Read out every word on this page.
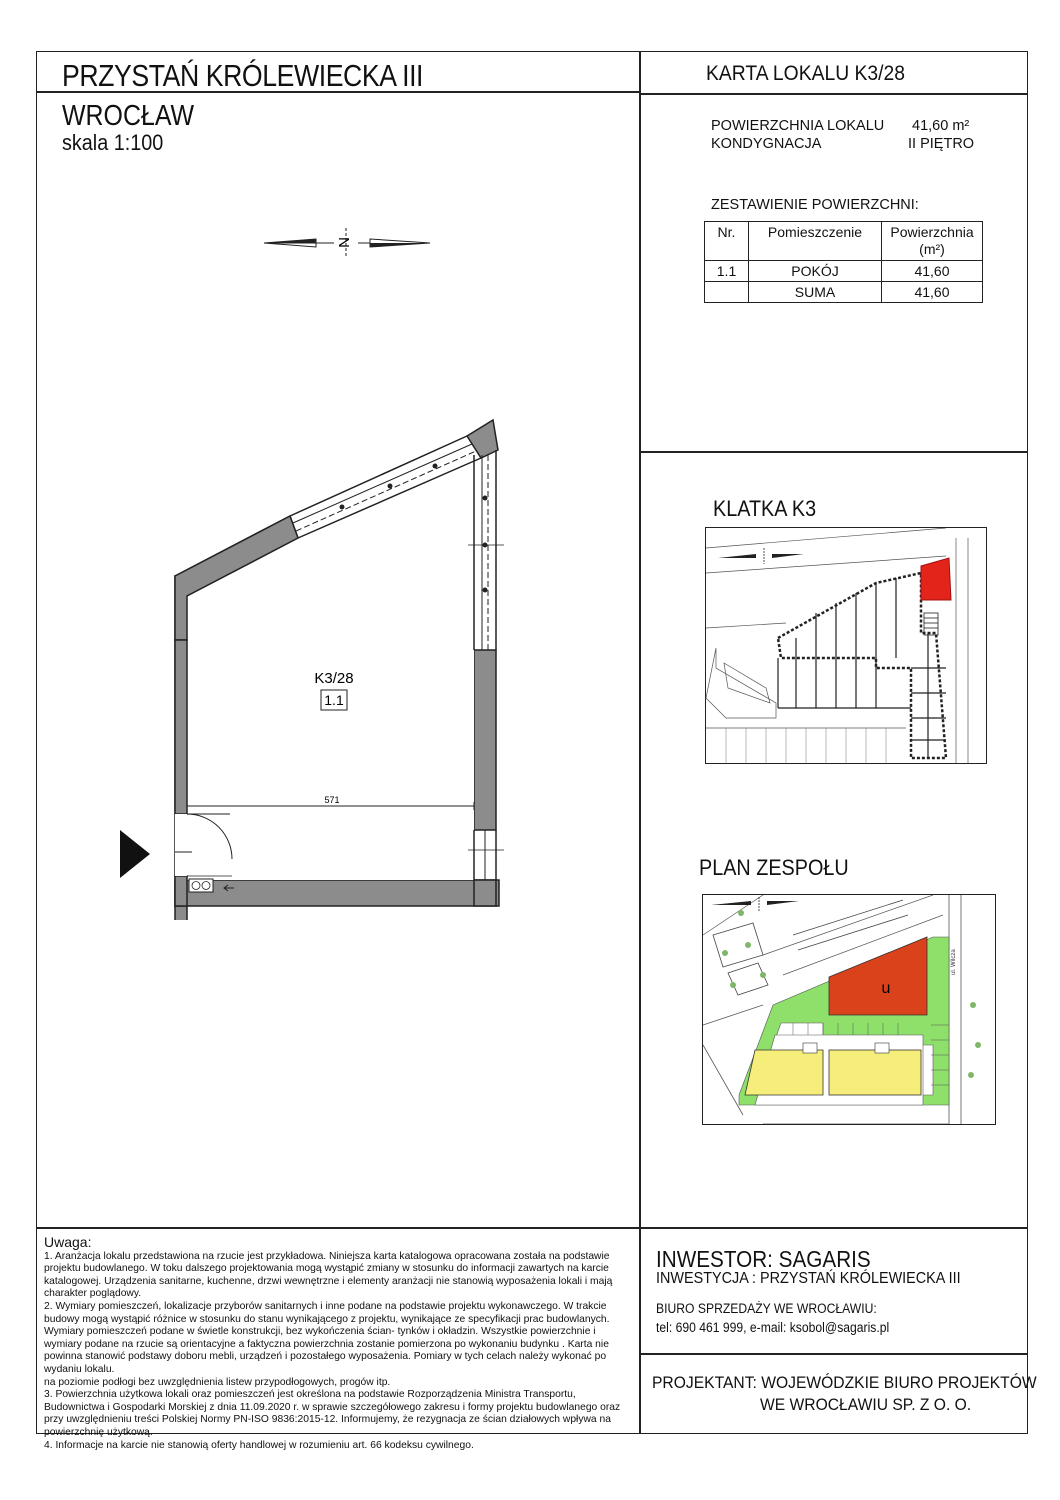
PRZYSTAŃ KRÓLEWIECKA III
WROCŁAW
skala 1:100
KARTA LOKALU K3/28
POWIERZCHNIA LOKALU 41,60 m²
KONDYGNACJA	II PIĘTRO
ZESTAWIENIE POWIERZCHNI:
Nr.	Pomieszczenie	Powierzchnia
(m²)
1.1	POKÓJ	41,60
	SUMA	41,60
N
571
K3/28
1.1
KLATKA K3
PLAN ZESPOŁU
u
ul. Wilcza
Uwaga:

1. Aranżacja lokalu przedstawiona na rzucie jest przykładowa. Niniejsza karta katalogowa opracowana została na podstawie projektu budowlanego. W toku dalszego projektowania mogą wystąpić zmiany w stosunku do informacji zawartych na karcie katalogowej. Urządzenia sanitarne, kuchenne, drzwi wewnętrzne i elementy aranżacji nie stanowią wyposażenia lokali i mają charakter poglądowy.

2. Wymiary pomieszczeń, lokalizacje przyborów sanitarnych i inne podane na podstawie projektu wykonawczego. W trakcie budowy mogą wystąpić różnice w stosunku do stanu wynikającego z projektu, wynikające ze specyfikacji prac budowlanych. Wymiary pomieszczeń podane w świetle konstrukcji, bez wykończenia ścian- tynków i okładzin. Wszystkie powierzchnie i wymiary podane na rzucie są orientacyjne a faktyczna powierzchnia zostanie pomierzona po wykonaniu budynku . Karta nie powinna stanowić podstawy doboru mebli, urządzeń i pozostałego wyposażenia. Pomiary w tych celach należy wykonać po wydaniu lokalu.

na poziomie podłogi bez uwzględnienia listew przypodłogowych, progów itp.

3. Powierzchnia użytkowa lokali oraz pomieszczeń jest określona na podstawie Rozporządzenia Ministra Transportu, Budownictwa i Gospodarki Morskiej z dnia 11.09.2020 r. w sprawie szczegółowego zakresu i formy projektu budowlanego oraz przy uwzględnieniu treści Polskiej Normy PN-ISO 9836:2015-12. Informujemy, że rezygnacja ze ścian działowych wpływa na powierzchnię użytkową.

4. Informacje na karcie nie stanowią oferty handlowej w rozumieniu art. 66 kodeksu cywilnego.

INWESTOR: SAGARIS
INWESTYCJA : PRZYSTAŃ KRÓLEWIECKA III
BIURO SPRZEDAŻY WE WROCŁAWIU:
tel: 690 461 999, e-mail: ksobol@sagaris.pl
PROJEKTANT: WOJEWÓDZKIE BIURO PROJEKTÓW
WE WROCŁAWIU SP. Z O. O.
